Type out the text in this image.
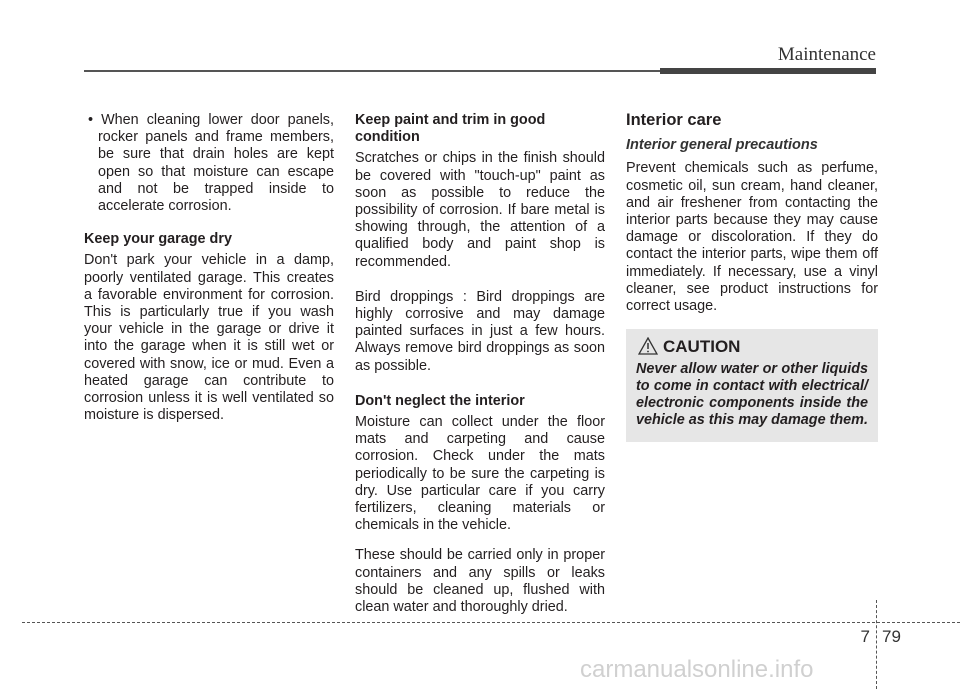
Maintenance

• When cleaning lower door panels, rocker panels and frame members, be sure that drain holes are kept open so that moisture can escape and not be trapped inside to accelerate corrosion.

Keep your garage dry

Don't park your vehicle in a damp, poorly ventilated garage. This creates a favorable environment for corrosion. This is particularly true if you wash your vehicle in the garage or drive it into the garage when it is still wet or covered with snow, ice or mud. Even a heated garage can contribute to corrosion unless it is well ventilated so moisture is dispersed.

Keep paint and trim in good condition

Scratches or chips in the finish should be covered with "touch-up" paint as soon as possible to reduce the possibility of corrosion. If bare metal is showing through, the attention of a qualified body and paint shop is recommended.

Bird droppings : Bird droppings are highly corrosive and may damage painted surfaces in just a few hours. Always remove bird droppings as soon as possible.

Don't neglect the interior

Moisture can collect under the floor mats and carpeting and cause corrosion. Check under the mats periodically to be sure the carpeting is dry. Use particular care if you carry fertilizers, cleaning materials or chemicals in the vehicle.

These should be carried only in proper containers and any spills or leaks should be cleaned up, flushed with clean water and thoroughly dried.

Interior care
Interior general precautions

Prevent chemicals such as perfume, cosmetic oil, sun cream, hand cleaner, and air freshener from contacting the interior parts because they may cause damage or discoloration. If they do contact the interior parts, wipe them off immediately. If necessary, use a vinyl cleaner, see product instructions for correct usage.

CAUTION
Never allow water or other liquids to come in contact with electrical/ electronic components inside the vehicle as this may damage them.
7 79
carmanualsonline.info
